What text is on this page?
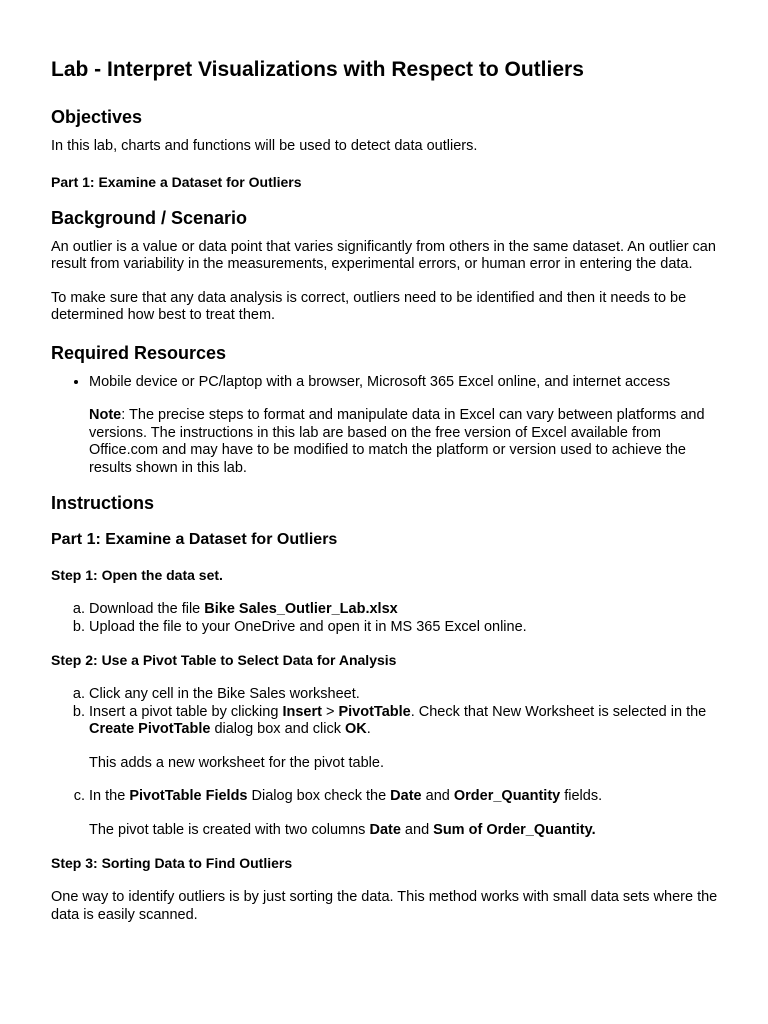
Lab - Interpret Visualizations with Respect to Outliers
Objectives

In this lab, charts and functions will be used to detect data outliers.

Part 1: Examine a Dataset for Outliers
Background / Scenario

An outlier is a value or data point that varies significantly from others in the same dataset. An outlier can result from variability in the measurements, experimental errors, or human error in entering the data.

To make sure that any data analysis is correct, outliers need to be identified and then it needs to be determined how best to treat them.

Required Resources
• Mobile device or PC/laptop with a browser, Microsoft 365 Excel online, and internet access

Note: The precise steps to format and manipulate data in Excel can vary between platforms and versions. The instructions in this lab are based on the free version of Excel available from Office.com and may have to be modified to match the platform or version used to achieve the results shown in this lab.

Instructions
Part 1: Examine a Dataset for Outliers
Step 1: Open the data set.
a. Download the file Bike Sales_Outlier_Lab.xlsx
b. Upload the file to your OneDrive and open it in MS 365 Excel online.
Step 2: Use a Pivot Table to Select Data for Analysis
a. Click any cell in the Bike Sales worksheet.
b. Insert a pivot table by clicking Insert > PivotTable. Check that New Worksheet is selected in the Create PivotTable dialog box and click OK.

This adds a new worksheet for the pivot table.

c. In the PivotTable Fields Dialog box check the Date and Order_Quantity fields.

The pivot table is created with two columns Date and Sum of Order_Quantity.

Step 3: Sorting Data to Find Outliers

One way to identify outliers is by just sorting the data. This method works with small data sets where the data is easily scanned.
